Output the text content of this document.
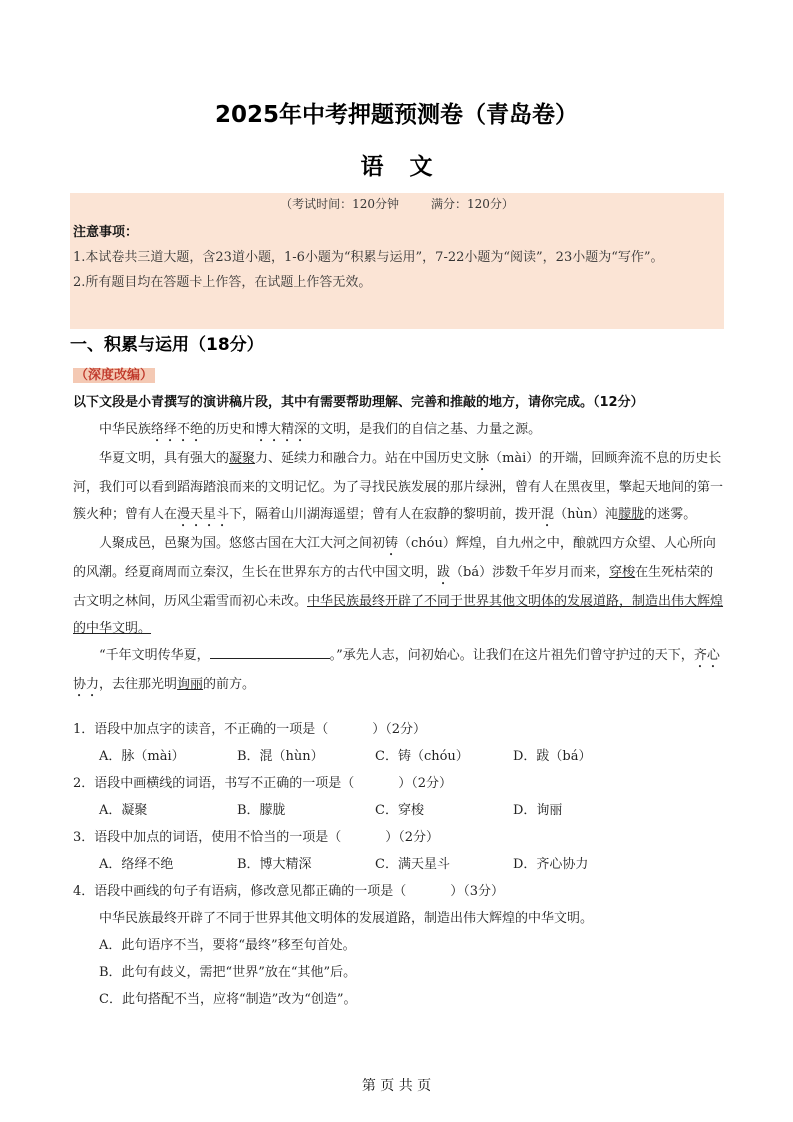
2025年中考押题预测卷（青岛卷）
语文
（考试时间：120分钟	满分：120分）
注意事项：
1.本试卷共三道大题，含23道小题，1-6小题为“积累与运用”，7-22小题为“阅读”，23小题为“写作”。
2.所有题目均在答题卡上作答，在试题上作答无效。
一、积累与运用（18分）
（深度改编）以下文段是小青撰写的演讲稿片段，其中有需要帮助理解、完善和推敲的地方，请你完成。（12分）

中华民族络绎不绝的历史和博大精深的文明，是我们的自信之基、力量之源。

华夏文明，具有强大的凝聚力、延续力和融合力。站在中国历史文脉（mài）的开端，回顾奔流不息的历史长河，我们可以看到蹈海踏浪而来的文明记忆。为了寻找民族发展的那片绿洲，曾有人在黑夜里，擎起天地间的第一簇火种；曾有人在漫天星斗下，隔着山川湖海遥望；曾有人在寂静的黎明前，拨开混（hùn）沌朦胧的迷雾。

人聚成邑，邑聚为国。悠悠古国在大江大河之间初铸（chóu）辉煌，自九州之中，酿就四方众望、人心所向的风潮。经夏商周而立秦汉，生长在世界东方的古代中国文明，跋（bá）涉数千年岁月而来，穿梭在生死枯荣的古文明之林间，历风尘霜雪而初心未改。中华民族最终开辟了不同于世界其他文明体的发展道路，制造出伟大辉煌的中华文明。

“千年文明传华夏，	。”承先人志，问初始心。让我们在这片祖先们曾守护过的天下，齐心协力，去往那光明询丽的前方。

1．语段中加点字的读音，不正确的一项是（	）（2分）

A．脉（mài）	B．混（hùn）	C．铸（chóu）	D．跋（bá）

2．语段中画横线的词语，书写不正确的一项是（	）（2分）

A．凝聚	B．朦胧	C．穿梭	D．询丽

3．语段中加点的词语，使用不恰当的一项是（	）（2分）

A．络绎不绝	B．博大精深	C．满天星斗	D．齐心协力

4．语段中画线的句子有语病，修改意见都正确的一项是（	）（3分）

中华民族最终开辟了不同于世界其他文明体的发展道路，制造出伟大辉煌的中华文明。

A．此句语序不当，要将“最终”移至句首处。

B．此句有歧义，需把“世界”放在“其他”后。

C．此句搭配不当，应将“制造”改为“创造”。

第 页 共 页
